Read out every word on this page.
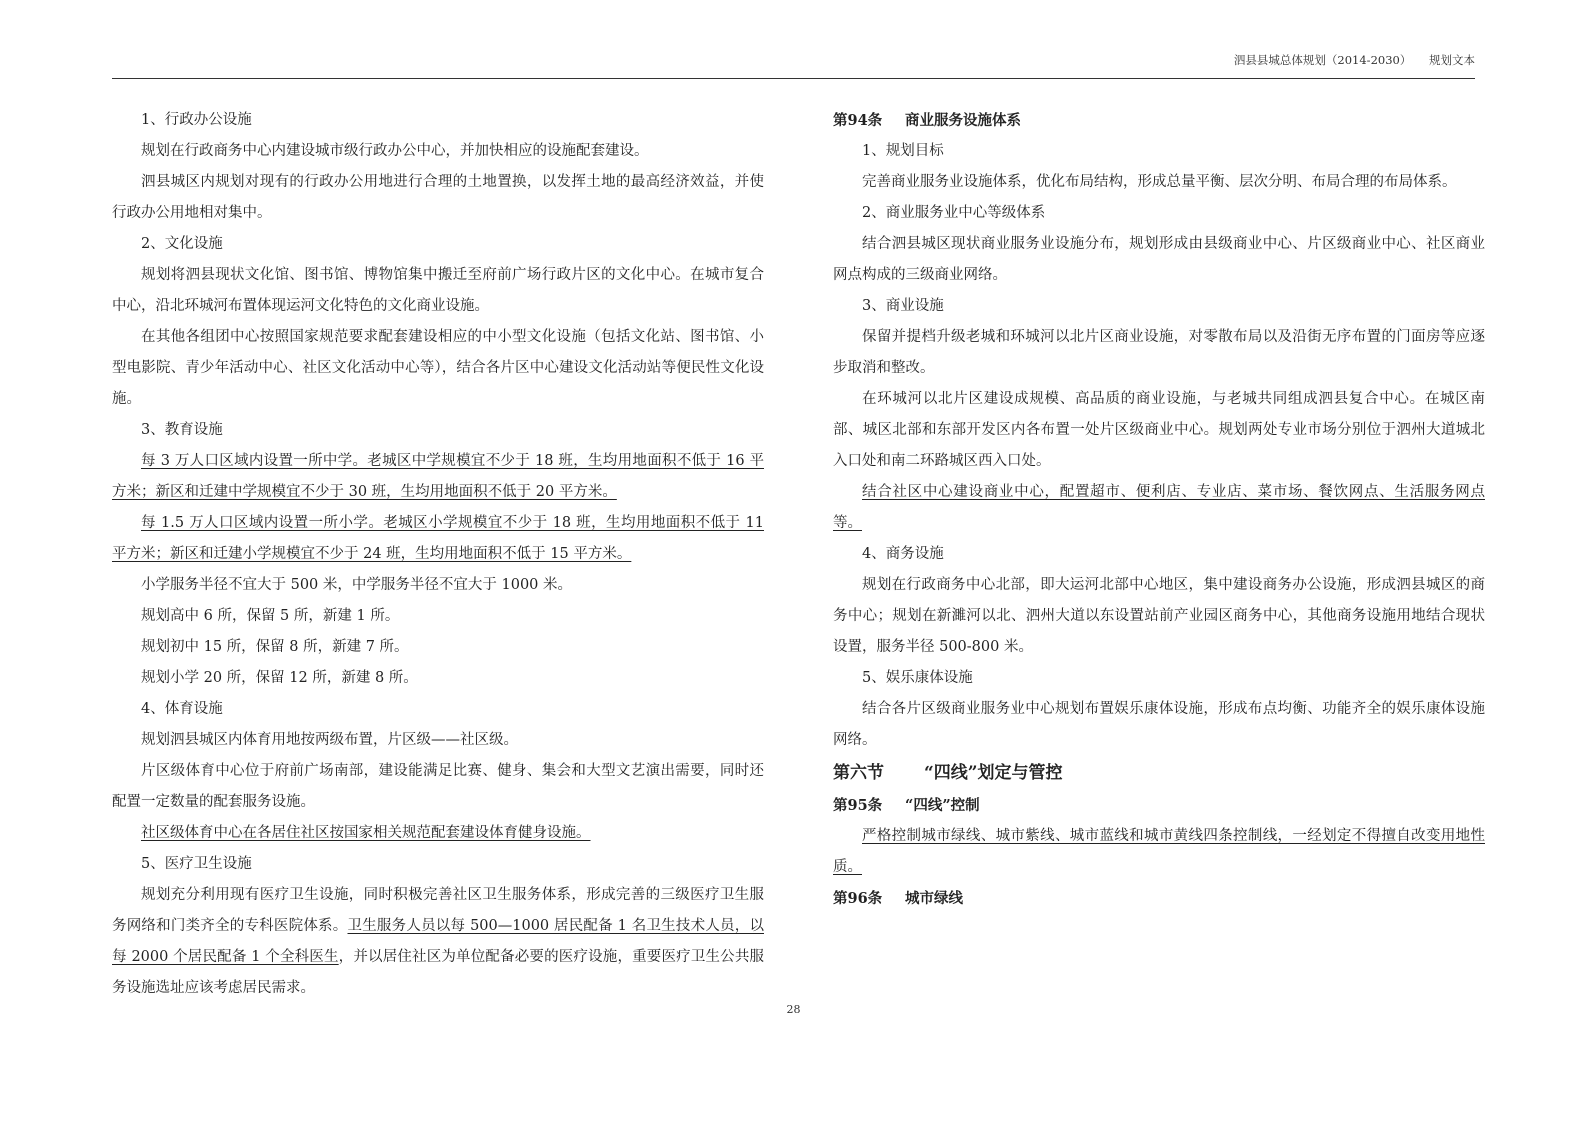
泗县县城总体规划（2014-2030） 规划文本

1、行政办公设施

规划在行政商务中心内建设城市级行政办公中心，并加快相应的设施配套建设。

泗县城区内规划对现有的行政办公用地进行合理的土地置换，以发挥土地的最高经济效益，并使行政办公用地相对集中。

2、文化设施

规划将泗县现状文化馆、图书馆、博物馆集中搬迁至府前广场行政片区的文化中心。在城市复合中心，沿北环城河布置体现运河文化特色的文化商业设施。

在其他各组团中心按照国家规范要求配套建设相应的中小型文化设施（包括文化站、图书馆、小型电影院、青少年活动中心、社区文化活动中心等），结合各片区中心建设文化活动站等便民性文化设施。

3、教育设施

每 3 万人口区域内设置一所中学。老城区中学规模宜不少于 18 班，生均用地面积不低于 16 平方米；新区和迁建中学规模宜不少于 30 班，生均用地面积不低于 20 平方米。

每 1.5 万人口区域内设置一所小学。老城区小学规模宜不少于 18 班，生均用地面积不低于 11 平方米；新区和迁建小学规模宜不少于 24 班，生均用地面积不低于 15 平方米。

小学服务半径不宜大于 500 米，中学服务半径不宜大于 1000 米。

规划高中 6 所，保留 5 所，新建 1 所。

规划初中 15 所，保留 8 所，新建 7 所。

规划小学 20 所，保留 12 所，新建 8 所。

4、体育设施

规划泗县城区内体育用地按两级布置，片区级——社区级。

片区级体育中心位于府前广场南部，建设能满足比赛、健身、集会和大型文艺演出需要，同时还配置一定数量的配套服务设施。

社区级体育中心在各居住社区按国家相关规范配套建设体育健身设施。

5、医疗卫生设施

规划充分利用现有医疗卫生设施，同时积极完善社区卫生服务体系，形成完善的三级医疗卫生服务网络和门类齐全的专科医院体系。卫生服务人员以每 500—1000 居民配备 1 名卫生技术人员，以每 2000 个居民配备 1 个全科医生，并以居住社区为单位配备必要的医疗设施，重要医疗卫生公共服务设施选址应该考虑居民需求。

第94条 商业服务设施体系

1、规划目标

完善商业服务业设施体系，优化布局结构，形成总量平衡、层次分明、布局合理的布局体系。

2、商业服务业中心等级体系

结合泗县城区现状商业服务业设施分布，规划形成由县级商业中心、片区级商业中心、社区商业网点构成的三级商业网络。

3、商业设施

保留并提档升级老城和环城河以北片区商业设施，对零散布局以及沿街无序布置的门面房等应逐步取消和整改。

在环城河以北片区建设成规模、高品质的商业设施，与老城共同组成泗县复合中心。在城区南部、城区北部和东部开发区内各布置一处片区级商业中心。规划两处专业市场分别位于泗州大道城北入口处和南二环路城区西入口处。

结合社区中心建设商业中心，配置超市、便利店、专业店、菜市场、餐饮网点、生活服务网点等。

4、商务设施

规划在行政商务中心北部，即大运河北部中心地区，集中建设商务办公设施，形成泗县城区的商务中心；规划在新濉河以北、泗州大道以东设置站前产业园区商务中心，其他商务设施用地结合现状设置，服务半径 500-800 米。

5、娱乐康体设施

结合各片区级商业服务业中心规划布置娱乐康体设施，形成布点均衡、功能齐全的娱乐康体设施网络。

第六节 “四线”划定与管控

第95条 “四线”控制

严格控制城市绿线、城市紫线、城市蓝线和城市黄线四条控制线，一经划定不得擅自改变用地性质。

第96条 城市绿线

28
